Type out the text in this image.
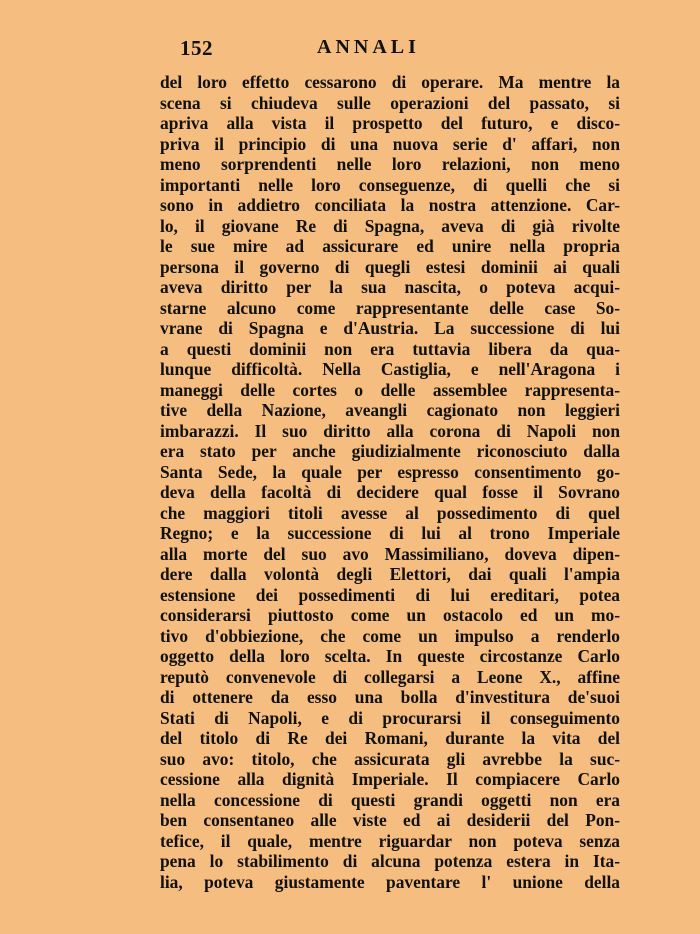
152	ANNALI
del loro effetto cessarono di operare. Ma mentre la
scena si chiudeva sulle operazioni del passato, si
apriva alla vista il prospetto del futuro, e disco-
priva il principio di una nuova serie d' affari, non
meno sorprendenti nelle loro relazioni, non meno
importanti nelle loro conseguenze, di quelli che si
sono in addietro conciliata la nostra attenzione. Car-
lo, il giovane Re di Spagna, aveva di già rivolte
le sue mire ad assicurare ed unire nella propria
persona il governo di quegli estesi dominii ai quali
aveva diritto per la sua nascita, o poteva acqui-
starne alcuno come rappresentante delle case So-
vrane di Spagna e d'Austria. La successione di lui
a questi dominii non era tuttavia libera da qua-
lunque difficoltà. Nella Castiglia, e nell'Aragona i
maneggi delle cortes o delle assemblee rappresenta-
tive della Nazione, aveangli cagionato non leggieri
imbarazzi. Il suo diritto alla corona di Napoli non
era stato per anche giudizialmente riconosciuto dalla
Santa Sede, la quale per espresso consentimento go-
deva della facoltà di decidere qual fosse il Sovrano
che maggiori titoli avesse al possedimento di quel
Regno; e la successione di lui al trono Imperiale
alla morte del suo avo Massimiliano, doveva dipen-
dere dalla volontà degli Elettori, dai quali l'ampia
estensione dei possedimenti di lui ereditari, potea
considerarsi piuttosto come un ostacolo ed un mo-
tivo d'obbiezione, che come un impulso a renderlo
oggetto della loro scelta. In queste circostanze Carlo
reputò convenevole di collegarsi a Leone X., affine
di ottenere da esso una bolla d'investitura de'suoi
Stati di Napoli, e di procurarsi il conseguimento
del titolo di Re dei Romani, durante la vita del
suo avo: titolo, che assicurata gli avrebbe la suc-
cessione alla dignità Imperiale. Il compiacere Carlo
nella concessione di questi grandi oggetti non era
ben consentaneo alle viste ed ai desiderii del Pon-
tefice, il quale, mentre riguardar non poteva senza
pena lo stabilimento di alcuna potenza estera in Ita-
lia, poteva giustamente paventare l' unione della
